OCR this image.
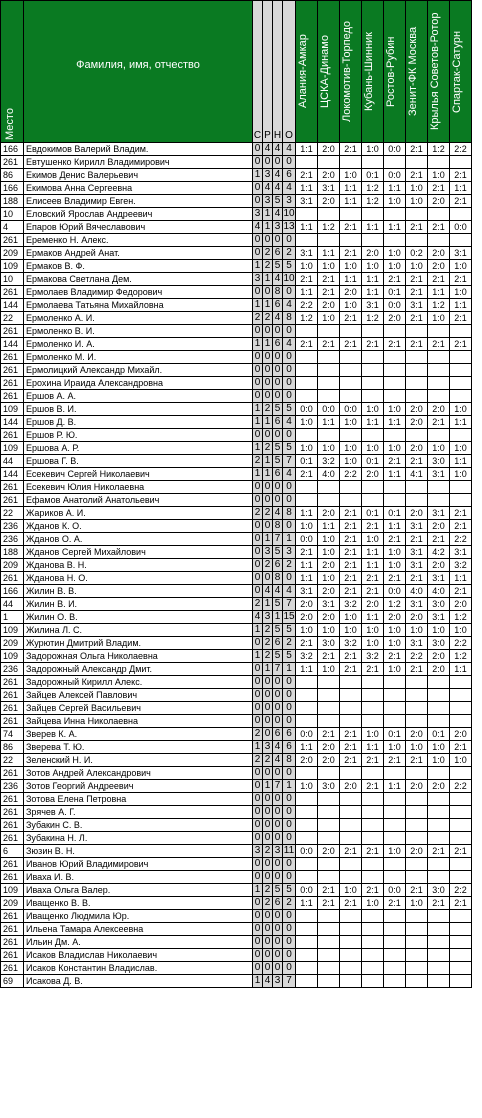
Место	Фамилия, имя, отчество	С	Р	Н	О	Алания-Амкар	ЦСКА-Динамо	Локомотив-Торпедо	Кубань-Шинник	Ростов-Рубин	Зенит-ФК Москва	Крылья Советов-Ротор	Спартак-Сатурн

166	Евдокимов Валерий Владим.	0	4	4	4	1:1	2:0	2:1	1:0	0:0	2:1	1:2	2:2
261	Евтушенко Кирилл Владимирович	0	0	0	0								
86	Екимов Денис Валерьевич	1	3	4	6	2:1	2:0	1:0	0:1	0:0	2:1	1:0	2:1
166	Екимова Анна Сергеевна	0	4	4	4	1:1	3:1	1:1	1:2	1:1	1:0	2:1	1:1
188	Елисеев Владимир Евген.	0	3	5	3	3:1	2:0	1:1	1:2	1:0	1:0	2:0	2:1
10	Еловский Ярослав Андреевич	3	1	4	10								
4	Епаров Юрий Вячеславович	4	1	3	13	1:1	1:2	2:1	1:1	1:1	2:1	2:1	0:0
261	Еременко Н. Алекс.	0	0	0	0								
209	Ермаков Андрей Анат.	0	2	6	2	3:1	1:1	2:1	2:0	1:0	0:2	2:0	3:1
109	Ермаков В. Ф.	1	2	5	5	1:0	1:0	1:0	1:0	1:0	1:0	2:0	1:0
10	Ермакова Светлана Дем.	3	1	4	10	2:1	2:1	1:1	1:1	2:1	2:1	2:1	2:1
261	Ермолаев Владимир Федорович	0	0	8	0	1:1	2:1	2:0	1:1	0:1	2:1	1:1	1:0
144	Ермолаева Татьяна Михайловна	1	1	6	4	2:2	2:0	1:0	3:1	0:0	3:1	1:2	1:1
22	Ермоленко А. И.	2	2	4	8	1:2	1:0	2:1	1:2	2:0	2:1	1:0	2:1
261	Ермоленко В. И.	0	0	0	0								
144	Ермоленко И. А.	1	1	6	4	2:1	2:1	2:1	2:1	2:1	2:1	2:1	2:1
261	Ермоленко М. И.	0	0	0	0								
261	Ермолицкий Александр Михайл.	0	0	0	0								
261	Ерохина Ираида Александровна	0	0	0	0								
261	Ершов А. А.	0	0	0	0								
109	Ершов В. И.	1	2	5	5	0:0	0:0	0:0	1:0	1:0	2:0	2:0	1:0
144	Ершов Д. В.	1	1	6	4	1:0	1:1	1:0	1:1	1:1	2:0	2:1	1:1
261	Ершов Р. Ю.	0	0	0	0								
109	Ершова А. Р.	1	2	5	5	1:0	1:0	1:0	1:0	1:0	2:0	1:0	1:0
44	Ершова Г. В.	2	1	5	7	0:1	3:2	1:0	0:1	2:1	2:1	3:0	1:1
144	Есекевич Сергей Николаевич	1	1	6	4	2:1	4:0	2:2	2:0	1:1	4:1	3:1	1:0
261	Есекевич Юлия Николаевна	0	0	0	0								
261	Ефамов Анатолий Анатольевич	0	0	0	0								
22	Жариков А. И.	2	2	4	8	1:1	2:0	2:1	0:1	0:1	2:0	3:1	2:1
236	Жданов К. О.	0	0	8	0	1:0	1:1	2:1	2:1	1:1	3:1	2:0	2:1
236	Жданов О. А.	0	1	7	1	0:0	1:0	2:1	1:0	2:1	2:1	2:1	2:2
188	Жданов Сергей Михайлович	0	3	5	3	2:1	1:0	2:1	1:1	1:0	3:1	4:2	3:1
209	Жданова В. Н.	0	2	6	2	1:1	2:0	2:1	1:1	1:0	3:1	2:0	3:2
261	Жданова Н. О.	0	0	8	0	1:1	1:0	2:1	2:1	2:1	2:1	3:1	1:1
166	Жилин В. В.	0	4	4	4	3:1	2:0	2:1	2:1	0:0	4:0	4:0	2:1
44	Жилин В. И.	2	1	5	7	2:0	3:1	3:2	2:0	1:2	3:1	3:0	2:0
1	Жилин О. В.	4	3	1	15	2:0	2:0	1:0	1:1	2:0	2:0	3:1	1:2
109	Жилина Л. С.	1	2	5	5	1:0	1:0	1:0	1:0	1:0	1:0	1:0	1:0
209	Журютин Дмитрий Владим.	0	2	6	2	2:1	3:0	3:2	1:0	1:0	3:1	3:0	2:2
109	Задорожная Ольга Николаевна	1	2	5	5	3:2	2:1	2:1	3:2	2:1	2:2	2:0	1:2
236	Задорожный Александр Дмит.	0	1	7	1	1:1	1:0	2:1	2:1	1:0	2:1	2:0	1:1
261	Задорожный Кирилл Алекс.	0	0	0	0								
261	Зайцев Алексей Павлович	0	0	0	0								
261	Зайцев Сергей Васильевич	0	0	0	0								
261	Зайцева Инна Николаевна	0	0	0	0								
74	Зверев К. А.	2	0	6	6	0:0	2:1	2:1	1:0	0:1	2:0	0:1	2:0
86	Зверева Т. Ю.	1	3	4	6	1:1	2:0	2:1	1:1	1:0	1:0	1:0	2:1
22	Зеленский Н. И.	2	2	4	8	2:0	2:0	2:1	2:1	2:1	2:1	1:0	1:0
261	Зотов Андрей Александрович	0	0	0	0								
236	Зотов Георгий Андреевич	0	1	7	1	1:0	3:0	2:0	2:1	1:1	2:0	2:0	2:2
261	Зотова Елена Петровна	0	0	0	0								
261	Зрячев А. Г.	0	0	0	0								
261	Зубакин С. В.	0	0	0	0								
261	Зубакина Н. Л.	0	0	0	0								
6	Зюзин В. Н.	3	2	3	11	0:0	2:0	2:1	2:1	1:0	2:0	2:1	2:1
261	Иванов Юрий Владимирович	0	0	0	0								
261	Иваха И. В.	0	0	0	0								
109	Иваха Ольга Валер.	1	2	5	5	0:0	2:1	1:0	2:1	0:0	2:1	3:0	2:2
209	Иващенко В. В.	0	2	6	2	1:1	2:1	2:1	1:0	2:1	1:0	2:1	2:1
261	Иващенко Людмила Юр.	0	0	0	0								
261	Ильена Тамара Алексеевна	0	0	0	0								
261	Ильин Дм. А.	0	0	0	0								
261	Исаков Владислав Николаевич	0	0	0	0								
261	Исаков Константин Владислав.	0	0	0	0								
69	Исакова Д. В.	1	4	3	7								
